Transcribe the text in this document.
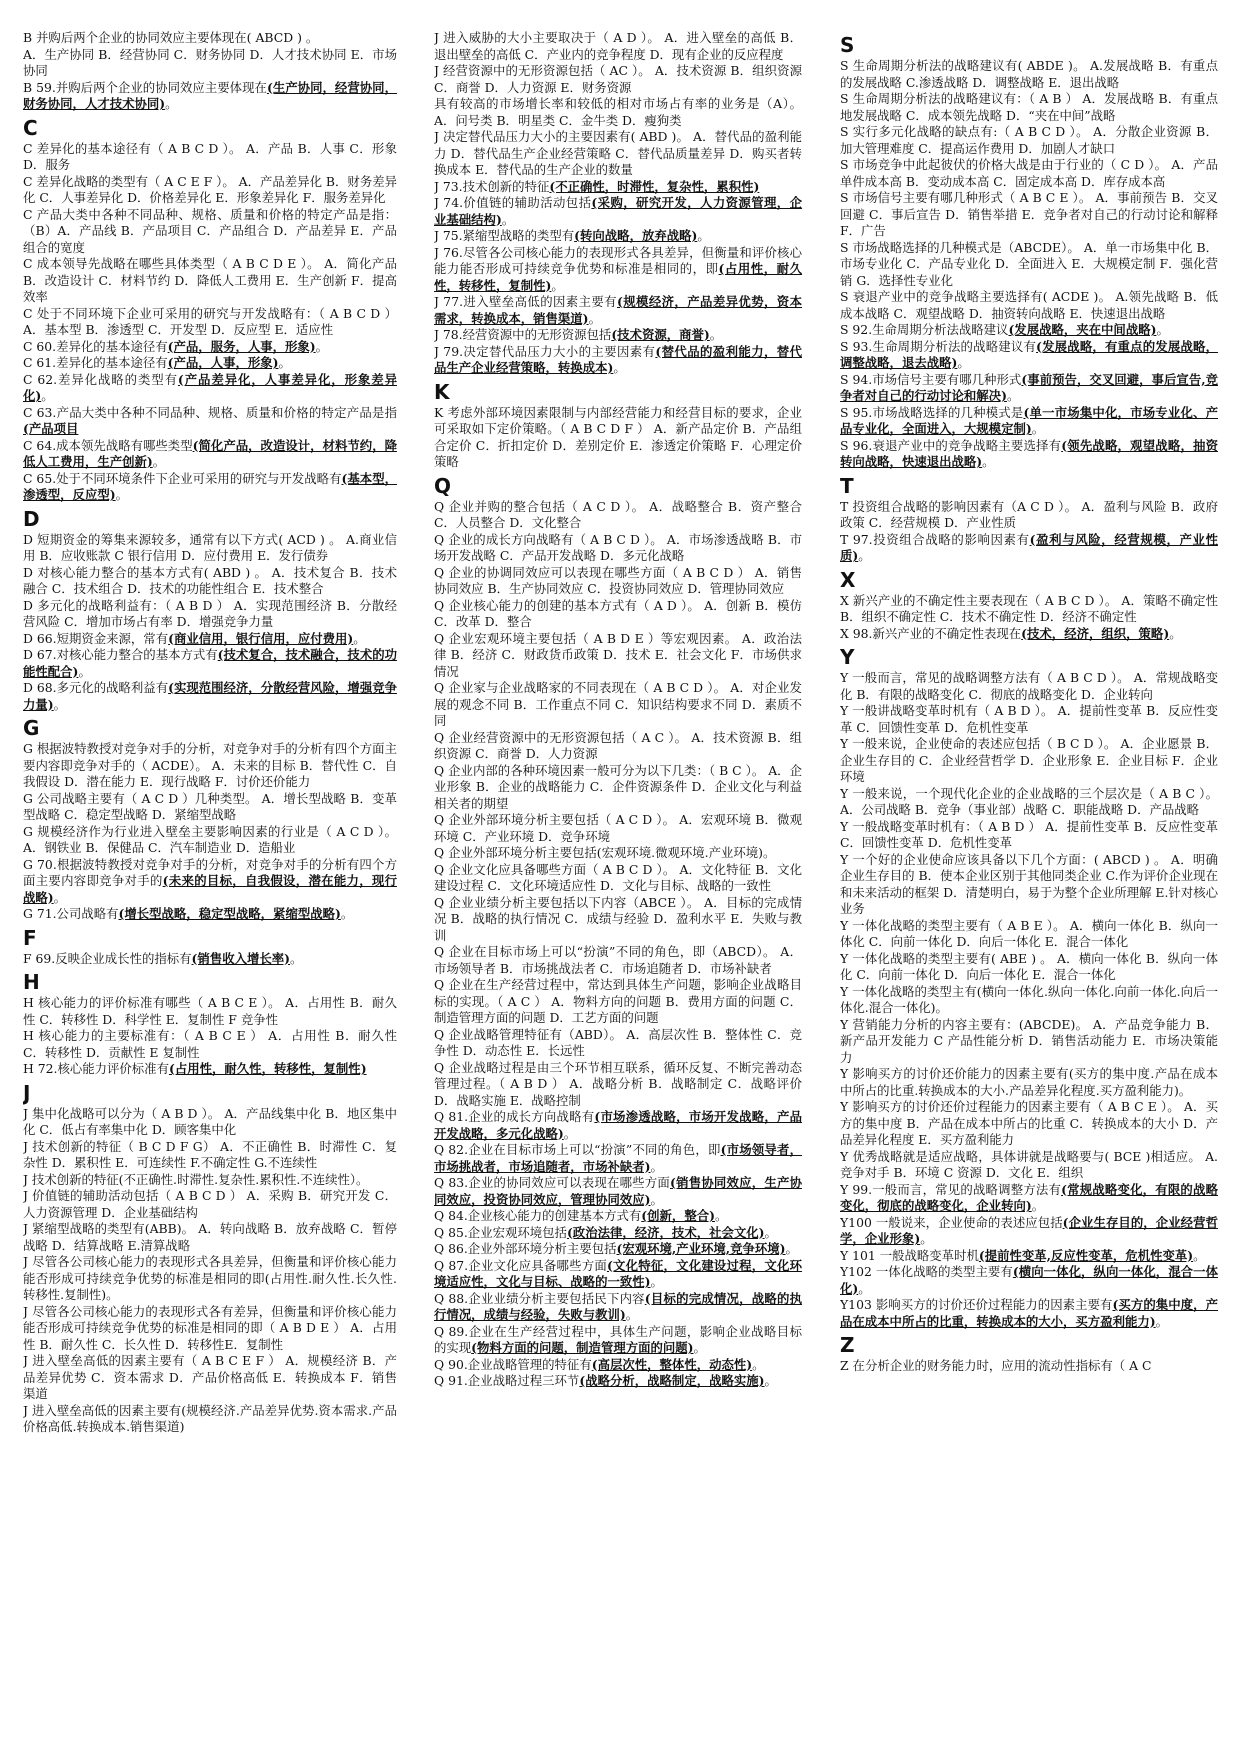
B 并购后两个企业的协同效应主要体现在( ABCD ) 。
A．生产协同 B．经营协同 C．财务协同 D．人才技术协同 E．市场协同
B 59.并购后两个企业的协同效应主要体现在(生产协同，经营协同，财务协同，人才技术协同)。
C
C 差异化的基本途径有（ A B C D ）。 A．产品 B．人事 C．形象 D．服务
C 差异化战略的类型有（ A C E F ）。 A．产品差异化 B．财务差异化 C．人事差异化 D．价格差异化 E．形象差异化 F．服务差异化
C 产品大类中各种不同品种、规格、质量和价格的特定产品是指：（B）A．产品线 B．产品项目 C．产品组合 D．产品差异 E．产品组合的宽度
C 成本领导先战略在哪些具体类型（ A B C D E ）。 A．简化产品 B．改造设计 C．材料节约 D．降低人工费用 E．生产创新 F．提高效率
C 处于不同环境下企业可采用的研究与开发战略有：（ A B C D ） A．基本型 B．渗透型 C．开发型 D．反应型 E．适应性
C 60.差异化的基本途径有(产品，服务，人事，形象)。
C 61.差异化的基本途径有(产品，人事，形象)。
C 62.差异化战略的类型有(产品差异化，人事差异化，形象差异化)。
C 63.产品大类中各种不同品种、规格、质量和价格的特定产品是指(产品项目
C 64.成本领先战略有哪些类型(简化产品，改造设计，材料节约，降低人工费用，生产创新)。
C 65.处于不同环境条件下企业可采用的研究与开发战略有(基本型，渗透型，反应型)。
D
D 短期资金的筹集来源较多，通常有以下方式( ACD ) 。 A.商业信用 B．应收账款 C 银行信用 D．应付费用 E．发行债券
D 对核心能力整合的基本方式有( ABD ) 。 A．技术复合 B．技术融合 C．技术组合 D．技术的功能性组合 E．技术整合
D 多元化的战略利益有：（ A B D ） A．实现范围经济 B．分散经营风险 C．增加市场占有率 D．增强竞争力量
D 66.短期资金来源，常有(商业信用，银行信用，应付费用)。
D 67.对核心能力整合的基本方式有(技术复合，技术融合，技术的功能性配合)。
D 68.多元化的战略利益有(实现范围经济，分散经营风险，增强竞争力量)。
G
G 根据波特教授对竞争对手的分析，对竞争对手的分析有四个方面主要内容即竞争对手的（ ACDE）。 A．未来的目标 B．替代性 C．自我假设 D．潜在能力 E．现行战略 F．讨价还价能力
G 公司战略主要有（ A C D ）几种类型。 A．增长型战略 B．变革型战略 C．稳定型战略 D．紧缩型战略
G 规模经济作为行业进入壁垒主要影响因素的行业是（ A C D ）。 A．钢铁业 B．保健品 C．汽车制造业 D．造船业
G 70.根据波特教授对竞争对手的分析，对竞争对手的分析有四个方面主要内容即竞争对手的(未来的目标，自我假设，潜在能力，现行战略)。
G 71.公司战略有(增长型战略，稳定型战略，紧缩型战略)。
F
F 69.反映企业成长性的指标有(销售收入增长率)。
H
H 核心能力的评价标准有哪些（ A B C E ）。 A．占用性 B．耐久性 C．转移性 D．科学性 E．复制性 F 竞争性
H 核心能力的主要标准有：（ A B C E ） A．占用性 B．耐久性 C．转移性 D．贡献性 E 复制性
H 72.核心能力评价标准有(占用性，耐久性，转移性，复制性)
J
J 集中化战略可以分为（ A B D ）。 A．产品线集中化 B．地区集中化 C．低占有率集中化 D．顾客集中化
J 技术创新的特征（ B C D F G） A．不正确性 B．时滞性 C．复杂性 D．累积性 E．可连续性 F.不确定性 G.不连续性
J 技术创新的特征(不正确性.时滞性.复杂性.累积性.不连续性）。
J 价值链的辅助活动包括（ A B C D ） A．采购 B．研究开发 C．人力资源管理 D．企业基础结构
J 紧缩型战略的类型有(ABB)。 A．转向战略 B．放弃战略 C．暂停战略 D．结算战略 E.清算战略
J 尽管各公司核心能力的表现形式各具差异，但衡量和评价核心能力能否形成可持续竞争优势的标准是相同的即(占用性.耐久性.长久性.转移性.复制性)。
J 尽管各公司核心能力的表现形式各有差异，但衡量和评价核心能力能否形成可持续竞争优势的标准是相同的即（ A B D E ） A．占用性 B．耐久性 C．长久性 D．转移性E．复制性
J 进入壁垒高低的因素主要有（ A B C E F ） A．规模经济 B．产品差异优势 C．资本需求 D．产品价格高低 E．转换成本 F．销售渠道
J 进入壁垒高低的因素主要有(规模经济.产品差异优势.资本需求.产品价格高低.转换成本.销售渠道)
J 进入威胁的大小主要取决于（ A D ）。 A．进入壁垒的高低 B．退出壁垒的高低 C．产业内的竞争程度 D．现有企业的反应程度
J 经营资源中的无形资源包括（ AC ）。 A．技术资源 B．组织资源 C．商誉 D．人力资源 E．财务资源
具有较高的市场增长率和较低的相对市场占有率的业务是（A）。 A．问号类 B．明星类 C．金牛类 D．瘦狗类
J 决定替代品压力大小的主要因素有( ABD )。 A．替代品的盈利能力 D．替代品生产企业经营策略 C．替代品质量差异 D．购买者转换成本 E．替代品的生产企业的数量
J 73.技术创新的特征(不正确性，时滞性，复杂性，累积性)
J 74.价值链的辅助活动包括(采购，研究开发，人力资源管理，企业基础结构)。
J 75.紧缩型战略的类型有(转向战略，放弃战略)。
J 76.尽管各公司核心能力的表现形式各具差异，但衡量和评价核心能力能否形成可持续竞争优势和标准是相同的，即(占用性，耐久性，转移性，复制性)。
J 77.进入壁垒高低的因素主要有(规模经济，产品差异优势，资本需求，转换成本，销售渠道)。
J 78.经营资源中的无形资源包括(技术资源，商誉)。
J 79.决定替代品压力大小的主要因素有(替代品的盈利能力，替代品生产企业经营策略，转换成本)。
K
K 考虑外部环境因素限制与内部经营能力和经营目标的要求，企业可采取如下定价策略。（ A B C D F ） A．新产品定价 B．产品组合定价 C．折扣定价 D．差别定价 E．渗透定价策略 F．心理定价策略
Q
Q 企业并购的整合包括（ A C D ）。 A．战略整合 B．资产整合 C．人员整合 D．文化整合
Q 企业的成长方向战略有（ A B C D ）。 A．市场渗透战略 B．市场开发战略 C．产品开发战略 D．多元化战略
Q 企业的协调同效应可以表现在哪些方面（ A B C D ） A．销售协同效应 B．生产协同效应 C．投资协同效应 D．管理协同效应
Q 企业核心能力的创建的基本方式有（ A D ）。 A．创新 B．模仿 C．改革 D．整合
Q 企业宏观环境主要包括（ A B D E ）等宏观因素。 A．政治法律 B．经济 C．财政货币政策 D．技术 E．社会文化 F．市场供求情况
Q 企业家与企业战略家的不同表现在（ A B C D ）。 A．对企业发展的观念不同 B．工作重点不同 C．知识结构要求不同 D．素质不同
Q 企业经营资源中的无形资源包括（ A C ）。 A．技术资源 B．组织资源 C．商誉 D．人力资源
Q 企业内部的各种环境因素一般可分为以下几类：（ B C ）。 A．企业形象 B．企业的战略能力 C．企件资源条件 D．企业文化与利益相关者的期望
Q 企业外部环境分析主要包括（ A C D ）。 A．宏观环境 B．微观环境 C．产业环境 D．竞争环境
Q 企业外部环境分析主要包括(宏观环境.微观环境.产业环境)。
Q 企业文化应具备哪些方面（ A B C D ）。 A．文化特征 B．文化建设过程 C．文化环境适应性 D．文化与目标、战略的一致性
Q 企业业绩分析主要包括以下内容（ABCE ）。 A．目标的完成情况 B．战略的执行情况 C．成绩与经验 D．盈利水平 E．失败与教训
Q 企业在目标市场上可以“扮演”不同的角色，即（ABCD）。 A．市场领导者 B．市场挑战法者 C．市场追随者 D．市场补缺者
Q 企业在生产经营过程中，常达到具体生产问题，影响企业战略目标的实现。（ A C ） A．物料方向的问题 B．费用方面的问题 C．制造管理方面的问题 D．工艺方面的问题
Q 企业战略管理特征有（ABD）。 A．高层次性 B．整体性 C．竞争性 D．动态性 E．长远性
Q 企业战略过程是由三个环节相互联系，循环反复、不断完善动态管理过程。（ A B D ） A．战略分析 B．战略制定 C．战略评价 D．战略实施 E．战略控制
Q 81.企业的成长方向战略有(市场渗透战略，市场开发战略，产品开发战略，多元化战略)。
Q 82.企业在目标市场上可以“扮演”不同的角色，即(市场领导者，市场挑战者，市场追随者，市场补缺者)。
Q 83.企业的协同效应可以表现在哪些方面(销售协同效应，生产协同效应，投资协同效应，管理协同效应)。
Q 84.企业核心能力的创建基本方式有(创新，整合)。
Q 85.企业宏观环境包括(政治法律，经济，技术，社会文化)。
Q 86.企业外部环境分析主要包括(宏观环境,产业环境,竞争环境)。
Q 87.企业文化应具备哪些方面(文化特征，文化建设过程，文化环境适应性，文化与目标、战略的一致性)。
Q 88.企业业绩分析主要包括民下内容(目标的完成情况，战略的执行情况，成绩与经验，失败与教训)。
Q 89.企业在生产经营过程中，具体生产问题，影响企业战略目标的实现(物料方面的问题，制造管理方面的问题)。
Q 90.企业战略管理的特征有(高层次性，整体性，动态性)。
Q 91.企业战略过程三环节(战略分析，战略制定，战略实施)。
S
S 生命周期分析法的战略建议有( ABDE )。 A.发展战略 B．有重点的发展战略 C.渗透战略 D．调整战略 E．退出战略
S 生命周期分析法的战略建议有：（ A B ） A．发展战略 B．有重点地发展战略 C．成本领先战略 D．“夹在中间”战略
S 实行多元化战略的缺点有:（ A B C D ）。 A．分散企业资源 B．加大管理难度 C．提高运作费用 D．加剧人才缺口
S 市场竞争中此起彼伏的价格大战是由于行业的（ C D ）。 A．产品单件成本高 B．变动成本高 C．固定成本高 D．库存成本高
S 市场信号主要有哪几种形式（ A B C E ）。 A．事前预告 B．交叉回避 C．事后宣告 D．销售举措 E．竞争者对自己的行动讨论和解释 F．广告
S 市场战略选择的几种模式是（ABCDE）。 A．单一市场集中化 B．市场专业化 C．产品专业化 D．全面进入 E．大规模定制 F．强化营销 G．选择性专业化
S 衰退产业中的竞争战略主要选择有( ACDE )。 A.领先战略 B．低成本战略 C．观望战略 D．抽资转向战略 E．快速退出战略
S 92.生命周期分析法战略建议(发展战略，夹在中间战略)。
S 93.生命周期分析法的战略建议有(发展战略，有重点的发展战略，调整战略，退去战略)。
S 94.市场信号主要有哪几种形式(事前预告，交叉回避，事后宣告,竞争者对自己的行动讨论和解决)。
S 95.市场战略选择的几种模式是(单一市场集中化，市场专业化、产品专业化，全面进入，大规模定制)。
S 96.衰退产业中的竞争战略主要选择有(领先战略，观望战略，抽资转向战略，快速退出战略)。
T
T 投资组合战略的影响因素有（A C D ）。 A．盈利与风险 B．政府政策 C．经营规模 D．产业性质
T 97.投资组合战略的影响因素有(盈利与风险，经营规模，产业性质)。
X
X 新兴产业的不确定性主要表现在（ A B C D ）。 A．策略不确定性 B．组织不确定性 C．技术不确定性 D．经济不确定性
X 98.新兴产业的不确定性表现在(技术，经济，组织，策略)。
Y
Y 一般而言，常见的战略调整方法有（ A B C D ）。 A．常规战略变化 B．有限的战略变化 C．彻底的战略变化 D．企业转向
Y 一般讲战略变革时机有（ A B D ）。 A．提前性变革 B．反应性变革 C．回馈性变革 D．危机性变革
Y 一般来说，企业使命的表述应包括（ B C D ）。 A．企业愿景 B．企业生存目的 C．企业经营哲学 D．企业形象 E．企业目标 F．企业环境
Y 一般来说，一个现代化企业的企业战略的三个层次是（ A B C ）。 A．公司战略 B．竞争（事业部）战略 C．职能战略 D．产品战略
Y 一般战略变革时机有：（ A B D ） A．提前性变革 B．反应性变革 C．回馈性变革 D．危机性变革
Y 一个好的企业使命应该具备以下几个方面：( ABCD ) 。 A．明确企业生存目的 B．使本企业区别于其他同类企业 C.作为评价企业现在和未来活动的框架 D．清楚明白，易于为整个企业所理解 E.针对核心业务
Y 一体化战略的类型主要有（ A B E ）。 A．横向一体化 B．纵向一体化 C．向前一体化 D．向后一体化 E．混合一体化
Y 一体化战略的类型主要有( ABE ) 。 A．横向一体化 B．纵向一体化 C．向前一体化 D．向后一体化 E．混合一体化
Y 一体化战略的类型主有(横向一体化.纵向一体化.向前一体化.向后一体化.混合一体化)。
Y 营销能力分析的内容主要有：(ABCDE)。 A．产品竞争能力 B．新产品开发能力 C 产品性能分析 D．销售活动能力 E．市场决策能力
Y 影响买方的讨价还价能力的因素主要有(买方的集中度.产品在成本中所占的比重.转换成本的大小.产品差异化程度.买方盈利能力)。
Y 影响买方的讨价还价过程能力的因素主要有（ A B C E ）。 A．买方的集中度 B．产品在成本中所占的比重 C．转换成本的大小 D．产品差异化程度 E．买方盈利能力
Y 优秀战略就是适应战略，具体讲就是战略要与( BCE )相适应。 A.竞争对手 B．环境 C 资源 D．文化 E．组织
Y 99.一般而言，常见的战略调整方法有(常规战略变化，有限的战略变化，彻底的战略变化，企业转向)。
Y100 一般说来，企业使命的表述应包括(企业生存目的，企业经营哲学，企业形象)。
Y 101 一般战略变革时机(提前性变革,反应性变革，危机性变革)。
Y102 一体化战略的类型主要有(横向一体化，纵向一体化，混合一体化)。
Y103 影响买方的讨价还价过程能力的因素主要有(买方的集中度，产品在成本中所占的比重，转换成本的大小，买方盈利能力)。
Z
Z 在分析企业的财务能力时，应用的流动性指标有（ A C
